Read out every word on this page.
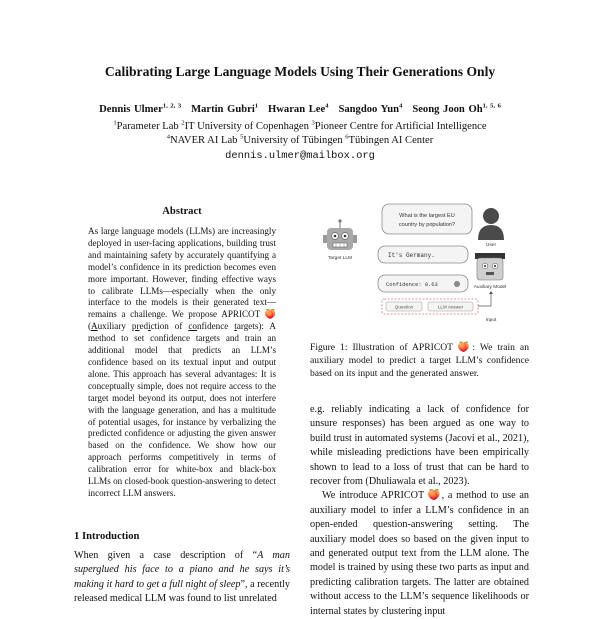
Calibrating Large Language Models Using Their Generations Only
Dennis Ulmer$^{1, 2, 3}$ Martin Gubri$^1$ Hwaran Lee$^4$ Sangdoo Yun$^4$ Seong Joon Oh$^{1, 5, 6}$
$^1$Parameter Lab $^2$IT University of Copenhagen $^3$Pioneer Centre for Artificial Intelligence
$^4$NAVER AI Lab $^5$University of Tübingen $^6$Tübingen AI Center
dennis.ulmer@mailbox.org
Abstract
As large language models (LLMs) are increasingly deployed in user-facing applications, building trust and maintaining safety by accurately quantifying a model’s confidence in its prediction becomes even more important. However, finding effective ways to calibrate LLMs—especially when the only interface to the models is their generated text—remains a challenge. We propose APRICOT 🍑 (Auxiliary prediction of confidence targets): A method to set confidence targets and train an additional model that predicts an LLM’s confidence based on its textual input and output alone. This approach has several advantages: It is conceptually simple, does not require access to the target model beyond its output, does not interfere with the language generation, and has a multitude of potential usages, for instance by verbalizing the predicted confidence or adjusting the given answer based on the confidence. We show how our approach performs competitively in terms of calibration error for white-box and black-box LLMs on closed-book question-answering to detect incorrect LLM answers.
1 Introduction
When given a case description of “A man superglued his face to a piano and he says it’s making it hard to get a full night of sleep”, a recently released medical LLM was found to list unrelated
What is the largest EU
country by population?
It's Germany.
Confidence: 0.63
Target LLM
User
Auxiliary Model
Question	LLM Answer
Input
Figure 1: Illustration of APRICOT 🍑: We train an auxiliary model to predict a target LLM’s confidence based on its input and the generated answer.

e.g. reliably indicating a lack of confidence for unsure responses) has been argued as one way to build trust in automated systems (Jacovi et al., 2021), while misleading predictions have been empirically shown to lead to a loss of trust that can be hard to recover from (Dhuliawala et al., 2023).

We introduce APRICOT 🍑, a method to use an auxiliary model to infer a LLM’s confidence in an open-ended question-answering setting. The auxiliary model does so based on the given input to and generated output text from the LLM alone. The model is trained by using these two parts as input and predicting calibration targets. The latter are obtained without access to the LLM’s sequence likelihoods or internal states by clustering input
